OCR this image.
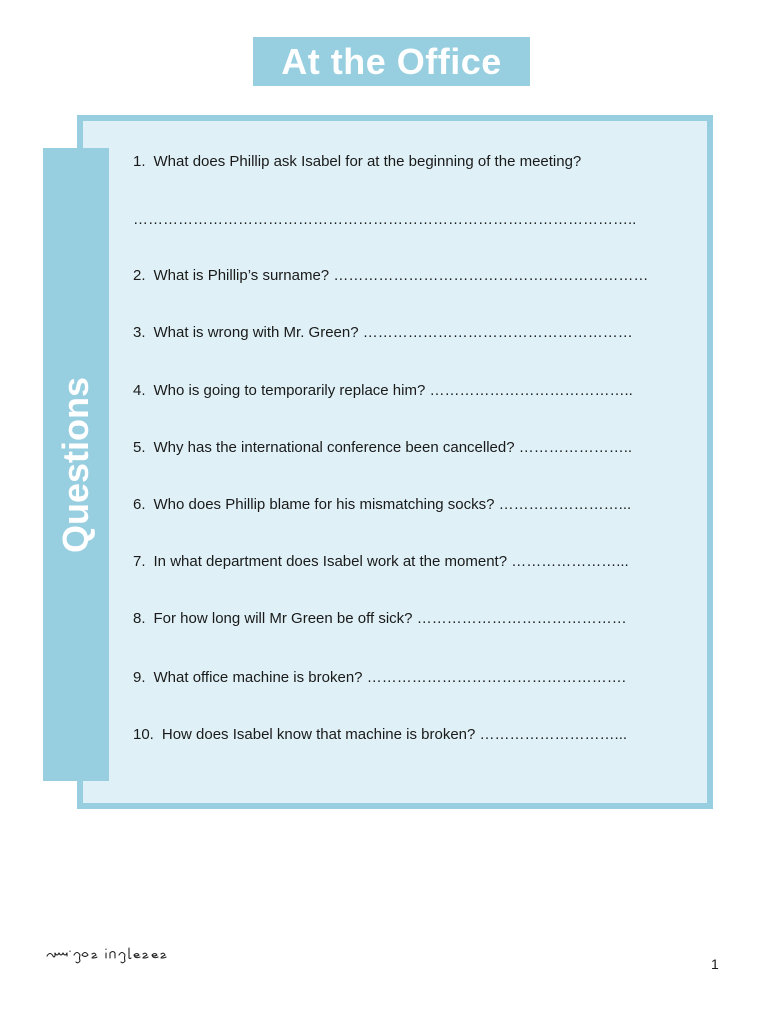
At the Office
Questions
1. What does Phillip ask Isabel for at the beginning of the meeting?
………………………………………………………………………………………..
2. What is Phillip’s surname? ………………………………………………………
3. What is wrong with Mr. Green? ………………………………………………
4. Who is going to temporarily replace him? …………………………………..
5. Why has the international conference been cancelled? …………………..
6. Who does Phillip blame for his mismatching socks? ……………………...
7. In what department does Isabel work at the moment? …………………...
8. For how long will Mr Green be off sick? ……………………………………
9. What office machine is broken? …………………………………………….
10. How does Isabel know that machine is broken? ………………………...
1
